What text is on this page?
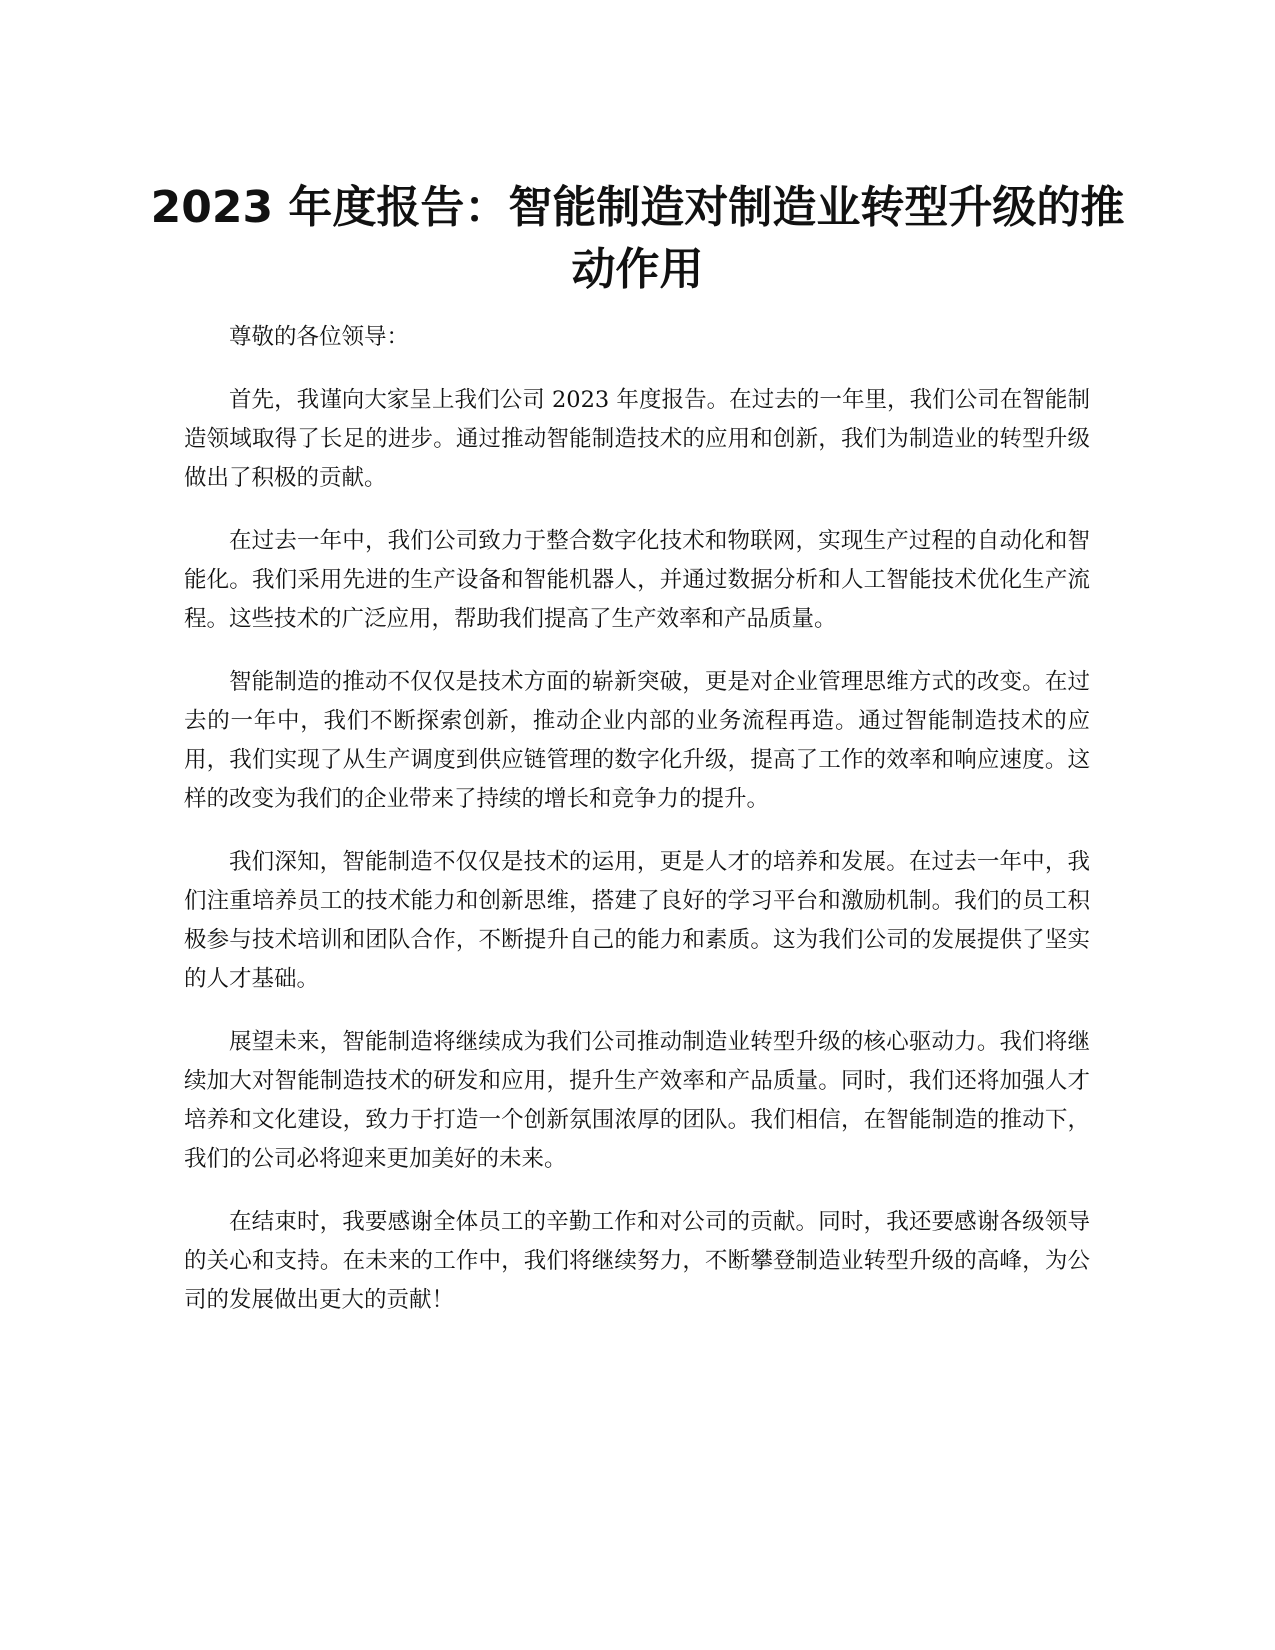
2023 年度报告：智能制造对制造业转型升级的推动作用

尊敬的各位领导：

首先，我谨向大家呈上我们公司 2023 年度报告。在过去的一年里，我们公司在智能制造领域取得了长足的进步。通过推动智能制造技术的应用和创新，我们为制造业的转型升级做出了积极的贡献。

在过去一年中，我们公司致力于整合数字化技术和物联网，实现生产过程的自动化和智能化。我们采用先进的生产设备和智能机器人，并通过数据分析和人工智能技术优化生产流程。这些技术的广泛应用，帮助我们提高了生产效率和产品质量。

智能制造的推动不仅仅是技术方面的崭新突破，更是对企业管理思维方式的改变。在过去的一年中，我们不断探索创新，推动企业内部的业务流程再造。通过智能制造技术的应用，我们实现了从生产调度到供应链管理的数字化升级，提高了工作的效率和响应速度。这样的改变为我们的企业带来了持续的增长和竞争力的提升。

我们深知，智能制造不仅仅是技术的运用，更是人才的培养和发展。在过去一年中，我们注重培养员工的技术能力和创新思维，搭建了良好的学习平台和激励机制。我们的员工积极参与技术培训和团队合作，不断提升自己的能力和素质。这为我们公司的发展提供了坚实的人才基础。

展望未来，智能制造将继续成为我们公司推动制造业转型升级的核心驱动力。我们将继续加大对智能制造技术的研发和应用，提升生产效率和产品质量。同时，我们还将加强人才培养和文化建设，致力于打造一个创新氛围浓厚的团队。我们相信，在智能制造的推动下，我们的公司必将迎来更加美好的未来。

在结束时，我要感谢全体员工的辛勤工作和对公司的贡献。同时，我还要感谢各级领导的关心和支持。在未来的工作中，我们将继续努力，不断攀登制造业转型升级的高峰，为公司的发展做出更大的贡献！
